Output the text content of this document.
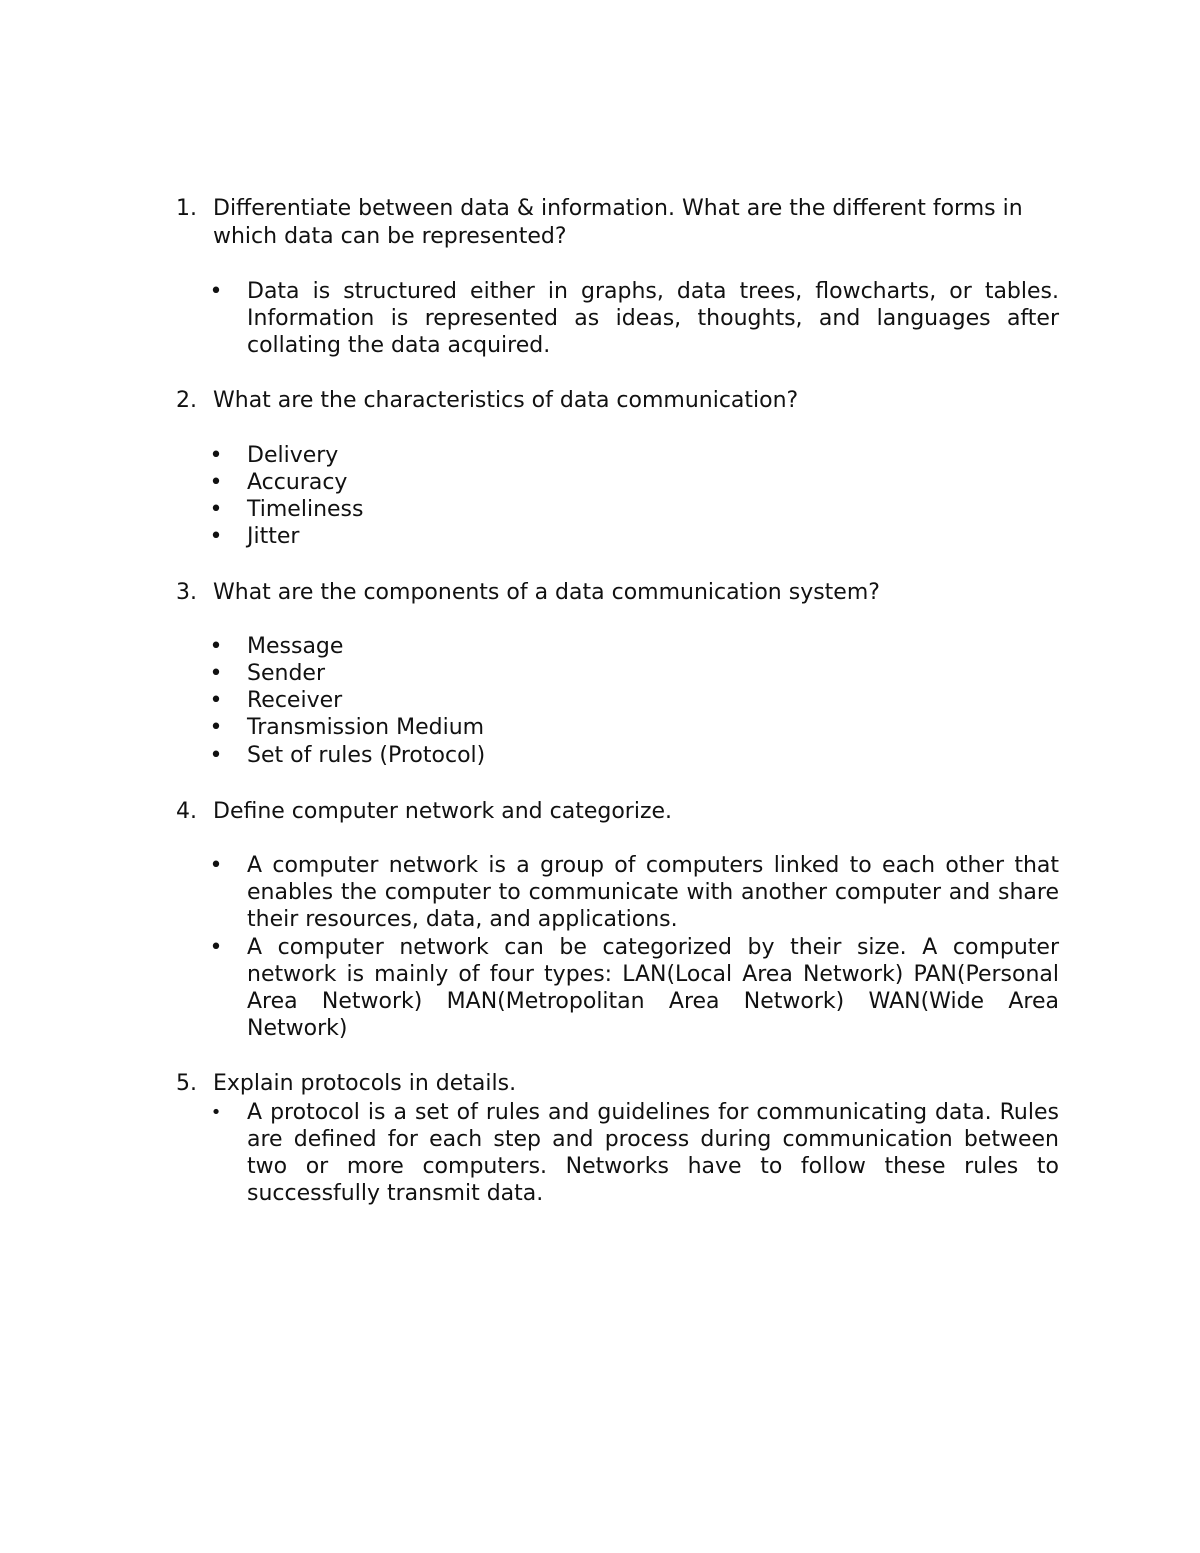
1. Differentiate between data & information. What are the different forms in which data can be represented?
• Data is structured either in graphs, data trees, flowcharts, or tables. Information is represented as ideas, thoughts, and languages after collating the data acquired.
2. What are the characteristics of data communication?
• Delivery
• Accuracy
• Timeliness
• Jitter
3. What are the components of a data communication system?
• Message
• Sender
• Receiver
• Transmission Medium
• Set of rules (Protocol)
4. Define computer network and categorize.
• A computer network is a group of computers linked to each other that enables the computer to communicate with another computer and share their resources, data, and applications.
• A computer network can be categorized by their size. A computer network is mainly of four types: LAN(Local Area Network) PAN(Personal Area Network) MAN(Metropolitan Area Network) WAN(Wide Area Network)
5. Explain protocols in details.
• A protocol is a set of rules and guidelines for communicating data. Rules are defined for each step and process during communication between two or more computers. Networks have to follow these rules to successfully transmit data.
